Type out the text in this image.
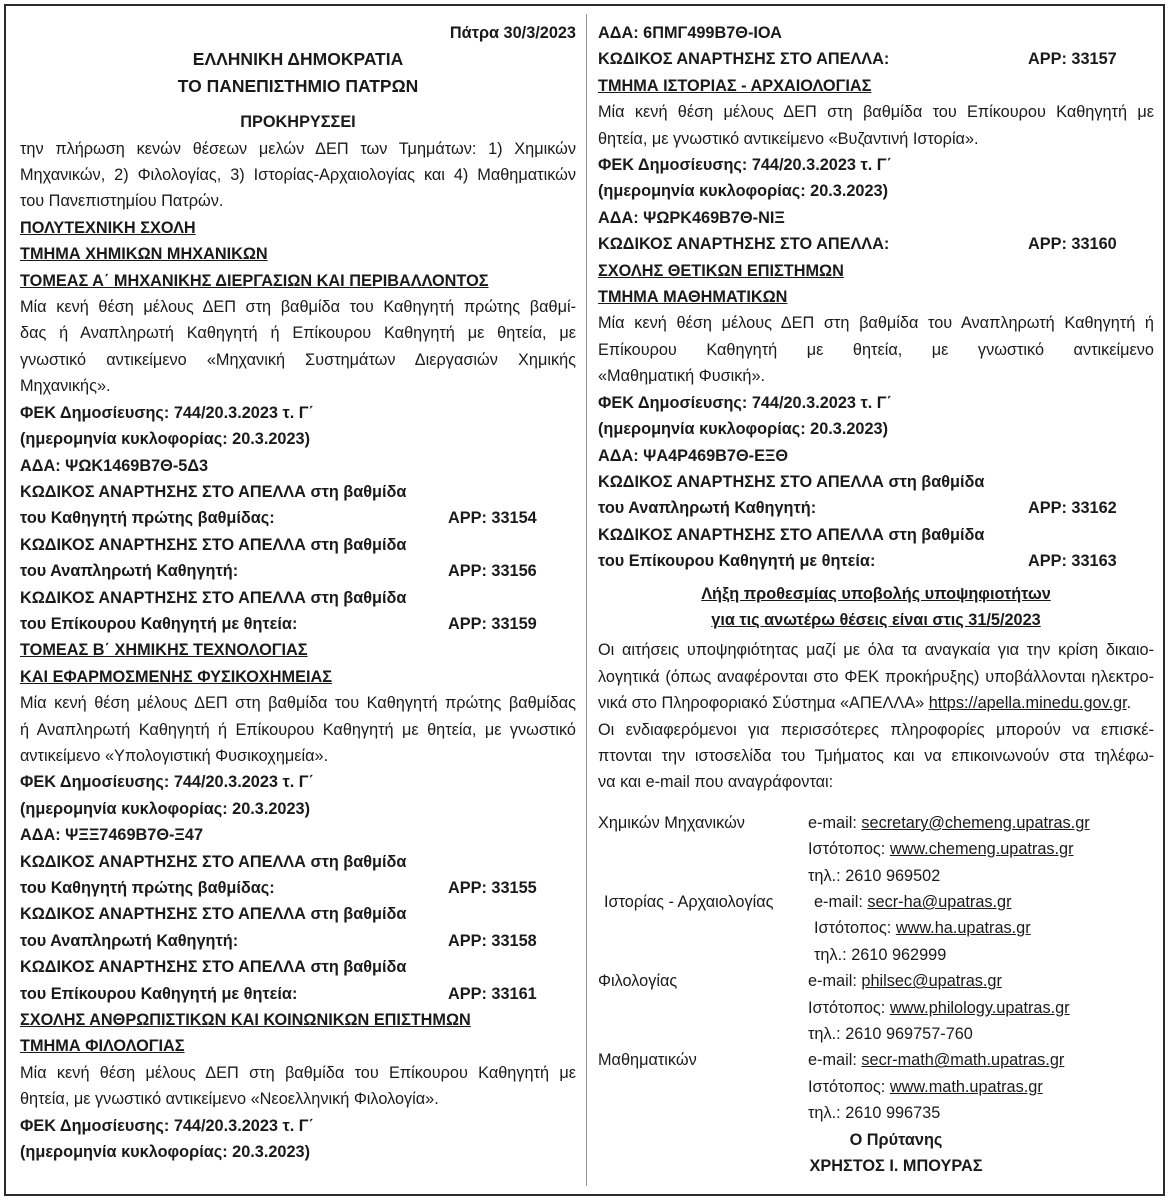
Πάτρα 30/3/2023
ΕΛΛΗΝΙΚΗ ΔΗΜΟΚΡΑΤΙΑ
ΤΟ ΠΑΝΕΠΙΣΤΗΜΙΟ ΠΑΤΡΩΝ
ΠΡΟΚΗΡΥΣΣΕΙ
την πλήρωση κενών θέσεων μελών ΔΕΠ των Τμημάτων: 1) Χημικών
Μηχανικών, 2) Φιλολογίας, 3) Ιστορίας-Αρχαιολογίας και 4) Μαθηματικών
του Πανεπιστημίου Πατρών.
ΠΟΛΥΤΕΧΝΙΚΗ ΣΧΟΛΗ
ΤΜΗΜΑ ΧΗΜΙΚΩΝ ΜΗΧΑΝΙΚΩΝ
ΤΟΜΕΑΣ Α΄ ΜΗΧΑΝΙΚΗΣ ΔΙΕΡΓΑΣΙΩΝ ΚΑΙ ΠΕΡΙΒΑΛΛΟΝΤΟΣ
Μία κενή θέση μέλους ΔΕΠ στη βαθμίδα του Καθηγητή πρώτης βαθμί-
δας ή Αναπληρωτή Καθηγητή ή Επίκουρου Καθηγητή με θητεία, με
γνωστικό αντικείμενο «Μηχανική Συστημάτων Διεργασιών Χημικής
Μηχανικής».
ΦΕΚ Δημοσίευσης: 744/20.3.2023 τ. Γ΄
(ημερομηνία κυκλοφορίας: 20.3.2023)
ΑΔΑ: ΨΩΚ1469Β7Θ-5Δ3
ΚΩΔΙΚΟΣ ΑΝΑΡΤΗΣΗΣ ΣΤΟ ΑΠΕΛΛΑ στη βαθμίδα
του Καθηγητή πρώτης βαθμίδας:	APP: 33154
ΚΩΔΙΚΟΣ ΑΝΑΡΤΗΣΗΣ ΣΤΟ ΑΠΕΛΛΑ στη βαθμίδα
του Αναπληρωτή Καθηγητή:	APP: 33156
ΚΩΔΙΚΟΣ ΑΝΑΡΤΗΣΗΣ ΣΤΟ ΑΠΕΛΛΑ στη βαθμίδα
του Επίκουρου Καθηγητή με θητεία:	APP: 33159
ΤΟΜΕΑΣ Β΄ ΧΗΜΙΚΗΣ ΤΕΧΝΟΛΟΓΙΑΣ
ΚΑΙ ΕΦΑΡΜΟΣΜΕΝΗΣ ΦΥΣΙΚΟΧΗΜΕΙΑΣ
Μία κενή θέση μέλους ΔΕΠ στη βαθμίδα του Καθηγητή πρώτης βαθμίδας
ή Αναπληρωτή Καθηγητή ή Επίκουρου Καθηγητή με θητεία, με γνωστικό
αντικείμενο «Υπολογιστική Φυσικοχημεία».
ΦΕΚ Δημοσίευσης: 744/20.3.2023 τ. Γ΄
(ημερομηνία κυκλοφορίας: 20.3.2023)
ΑΔΑ: ΨΞΞ7469Β7Θ-Ξ47
ΚΩΔΙΚΟΣ ΑΝΑΡΤΗΣΗΣ ΣΤΟ ΑΠΕΛΛΑ στη βαθμίδα
του Καθηγητή πρώτης βαθμίδας:	APP: 33155
ΚΩΔΙΚΟΣ ΑΝΑΡΤΗΣΗΣ ΣΤΟ ΑΠΕΛΛΑ στη βαθμίδα
του Αναπληρωτή Καθηγητή:	APP: 33158
ΚΩΔΙΚΟΣ ΑΝΑΡΤΗΣΗΣ ΣΤΟ ΑΠΕΛΛΑ στη βαθμίδα
του Επίκουρου Καθηγητή με θητεία:	APP: 33161
ΣΧΟΛΗΣ ΑΝΘΡΩΠΙΣΤΙΚΩΝ ΚΑΙ ΚΟΙΝΩΝΙΚΩΝ ΕΠΙΣΤΗΜΩΝ
ΤΜΗΜΑ ΦΙΛΟΛΟΓΙΑΣ
Μία κενή θέση μέλους ΔΕΠ στη βαθμίδα του Επίκουρου Καθηγητή με
θητεία, με γνωστικό αντικείμενο «Νεοελληνική Φιλολογία».
ΦΕΚ Δημοσίευσης: 744/20.3.2023 τ. Γ΄
(ημερομηνία κυκλοφορίας: 20.3.2023)
ΑΔΑ: 6ΠΜΓ499Β7Θ-ΙΟΑ
ΚΩΔΙΚΟΣ ΑΝΑΡΤΗΣΗΣ ΣΤΟ ΑΠΕΛΛΑ:	APP: 33157
ΤΜΗΜΑ ΙΣΤΟΡΙΑΣ - ΑΡΧΑΙΟΛΟΓΙΑΣ
Μία κενή θέση μέλους ΔΕΠ στη βαθμίδα του Επίκουρου Καθηγητή με
θητεία, με γνωστικό αντικείμενο «Βυζαντινή Ιστορία».
ΦΕΚ Δημοσίευσης: 744/20.3.2023 τ. Γ΄
(ημερομηνία κυκλοφορίας: 20.3.2023)
ΑΔΑ: ΨΩΡΚ469Β7Θ-ΝΙΞ
ΚΩΔΙΚΟΣ ΑΝΑΡΤΗΣΗΣ ΣΤΟ ΑΠΕΛΛΑ:	APP: 33160
ΣΧΟΛΗΣ ΘΕΤΙΚΩΝ ΕΠΙΣΤΗΜΩΝ
ΤΜΗΜΑ ΜΑΘΗΜΑΤΙΚΩΝ
Μία κενή θέση μέλους ΔΕΠ στη βαθμίδα του Αναπληρωτή Καθηγητή ή
Επίκουρου Καθηγητή με θητεία, με γνωστικό αντικείμενο
«Μαθηματική Φυσική».
ΦΕΚ Δημοσίευσης: 744/20.3.2023 τ. Γ΄
(ημερομηνία κυκλοφορίας: 20.3.2023)
ΑΔΑ: ΨΑ4Ρ469Β7Θ-ΕΞΘ
ΚΩΔΙΚΟΣ ΑΝΑΡΤΗΣΗΣ ΣΤΟ ΑΠΕΛΛΑ στη βαθμίδα
του Αναπληρωτή Καθηγητή:	APP: 33162
ΚΩΔΙΚΟΣ ΑΝΑΡΤΗΣΗΣ ΣΤΟ ΑΠΕΛΛΑ στη βαθμίδα
του Επίκουρου Καθηγητή με θητεία:	APP: 33163
Λήξη προθεσμίας υποβολής υποψηφιοτήτων
για τις ανωτέρω θέσεις είναι στις 31/5/2023
Οι αιτήσεις υποψηφιότητας μαζί με όλα τα αναγκαία για την κρίση δικαιο-
λογητικά (όπως αναφέρονται στο ΦΕΚ προκήρυξης) υποβάλλονται ηλεκτρο-
νικά στο Πληροφοριακό Σύστημα «ΑΠΕΛΛΑ» https://apella.minedu.gov.gr.
Οι ενδιαφερόμενοι για περισσότερες πληροφορίες μπορούν να επισκέ-
πτονται την ιστοσελίδα του Τμήματος και να επικοινωνούν στα τηλέφω-
να και e-mail που αναγράφονται:
Χημικών Μηχανικών	e-mail: secretary@chemeng.upatras.gr
Ιστότοπος: www.chemeng.upatras.gr
τηλ.: 2610 969502
Ιστορίας - Αρχαιολογίας	e-mail: secr-ha@upatras.gr
Ιστότοπος: www.ha.upatras.gr
τηλ.: 2610 962999
Φιλολογίας	e-mail: philsec@upatras.gr
Ιστότοπος: www.philology.upatras.gr
τηλ.: 2610 969757-760
Μαθηματικών	e-mail: secr-math@math.upatras.gr
Ιστότοπος: www.math.upatras.gr
τηλ.: 2610 996735
Ο Πρύτανης
ΧΡΗΣΤΟΣ Ι. ΜΠΟΥΡΑΣ
